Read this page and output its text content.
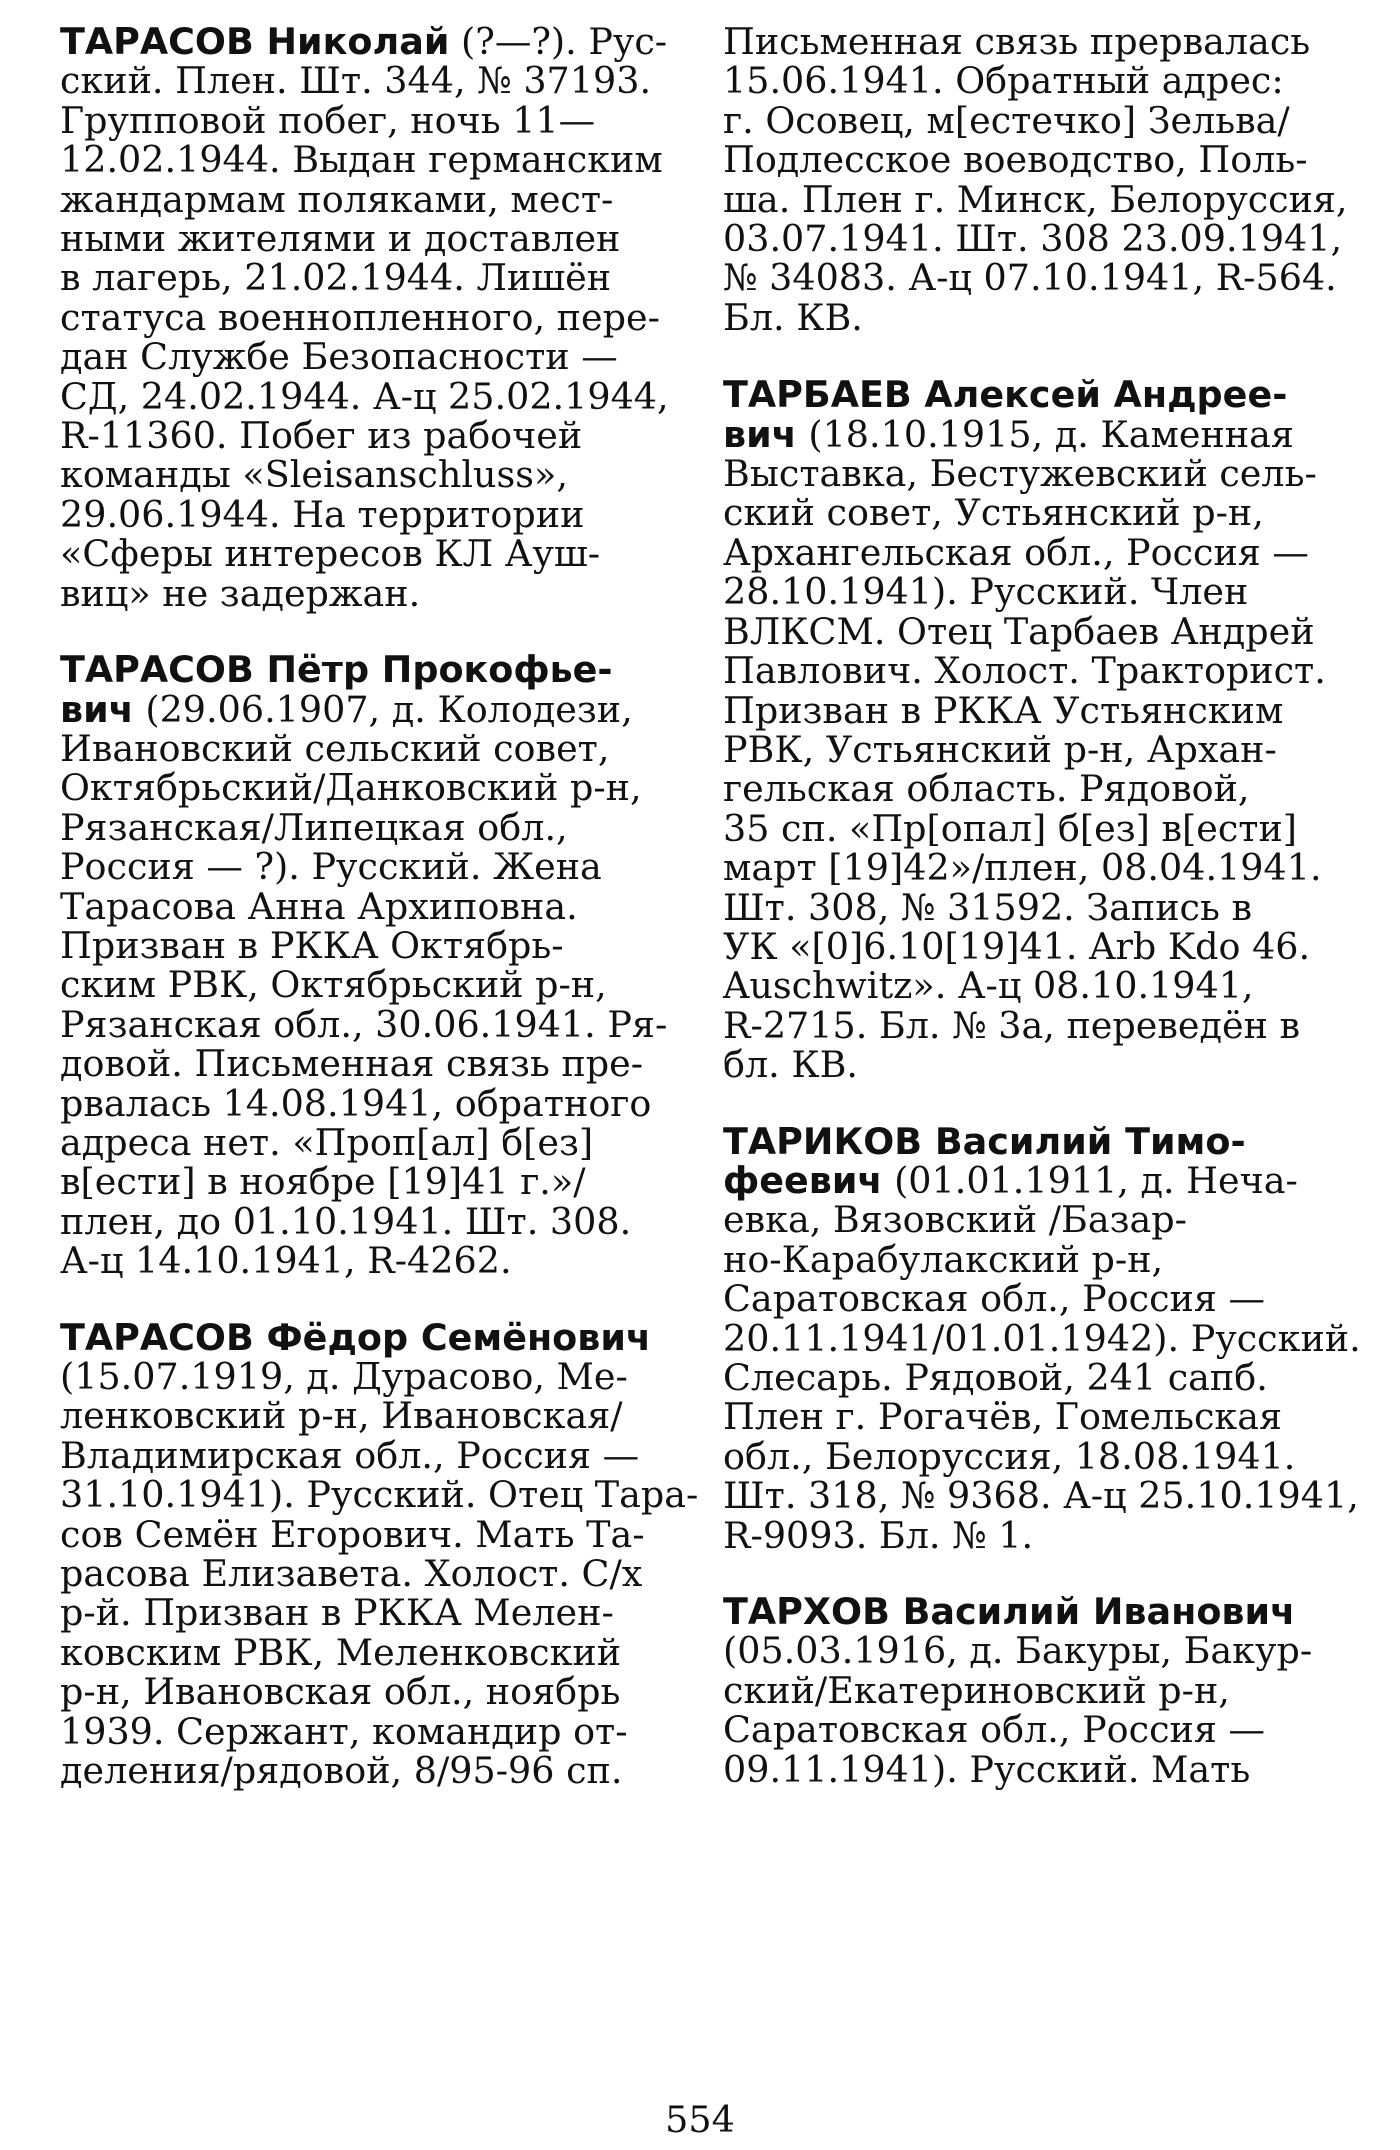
ТАРАСОВ Николай (?—?). Рус-
ский. Плен. Шт. 344, № 37193.
Групповой побег, ночь 11—
12.02.1944. Выдан германским
жандармам поляками, мест-
ными жителями и доставлен
в лагерь, 21.02.1944. Лишён
статуса военнопленного, пере-
дан Службе Безопасности —
СД, 24.02.1944. А-ц 25.02.1944,
R-11360. Побег из рабочей
команды «Sleisanschluss»,
29.06.1944. На территории
«Сферы интересов КЛ Ауш-
виц» не задержан.
ТАРАСОВ Пётр Прокофье-
вич (29.06.1907, д. Колодези,
Ивановский сельский совет,
Октябрьский/Данковский р-н,
Рязанская/Липецкая обл.,
Россия — ?). Русский. Жена
Тарасова Анна Архиповна.
Призван в РККА Октябрь-
ским РВК, Октябрьский р-н,
Рязанская обл., 30.06.1941. Ря-
довой. Письменная связь пре-
рвалась 14.08.1941, обратного
адреса нет. «Проп[ал] б[ез]
в[ести] в ноябре [19]41 г.»/
плен, до 01.10.1941. Шт. 308.
А-ц 14.10.1941, R-4262.
ТАРАСОВ Фёдор Семёнович
(15.07.1919, д. Дурасово, Ме-
ленковский р-н, Ивановская/
Владимирская обл., Россия —
31.10.1941). Русский. Отец Тара-
сов Семён Егорович. Мать Та-
расова Елизавета. Холост. С/х
р-й. Призван в РККА Мелен-
ковским РВК, Меленковский
р-н, Ивановская обл., ноябрь
1939. Сержант, командир от-
деления/рядовой, 8/95-96 сп.
Письменная связь прервалась
15.06.1941. Обратный адрес:
г. Осовец, м[естечко] Зельва/
Подлесское воеводство, Поль-
ша. Плен г. Минск, Белоруссия,
03.07.1941. Шт. 308 23.09.1941,
№ 34083. А-ц 07.10.1941, R-564.
Бл. КВ.
ТАРБАЕВ Алексей Андрее-
вич (18.10.1915, д. Каменная
Выставка, Бестужевский сель-
ский совет, Устьянский р-н,
Архангельская обл., Россия —
28.10.1941). Русский. Член
ВЛКСМ. Отец Тарбаев Андрей
Павлович. Холост. Тракторист.
Призван в РККА Устьянским
РВК, Устьянский р-н, Архан-
гельская область. Рядовой,
35 сп. «Пр[опал] б[ез] в[ести]
март [19]42»/плен, 08.04.1941.
Шт. 308, № 31592. Запись в
УК «[0]6.10[19]41. Arb Kdo 46.
Auschwitz». А-ц 08.10.1941,
R-2715. Бл. № 3а, переведён в
бл. КВ.
ТАРИКОВ Василий Тимо-
феевич (01.01.1911, д. Нечa-
евка, Вязовский /Базар-
но-Карабулакский р-н,
Саратовская обл., Россия —
20.11.1941/01.01.1942). Русский.
Слесарь. Рядовой, 241 сапб.
Плен г. Рогачёв, Гомельская
обл., Белоруссия, 18.08.1941.
Шт. 318, № 9368. А-ц 25.10.1941,
R-9093. Бл. № 1.
ТАРХОВ Василий Иванович
(05.03.1916, д. Бакуры, Бакур-
ский/Екатериновский р-н,
Саратовская обл., Россия —
09.11.1941). Русский. Мать
554
